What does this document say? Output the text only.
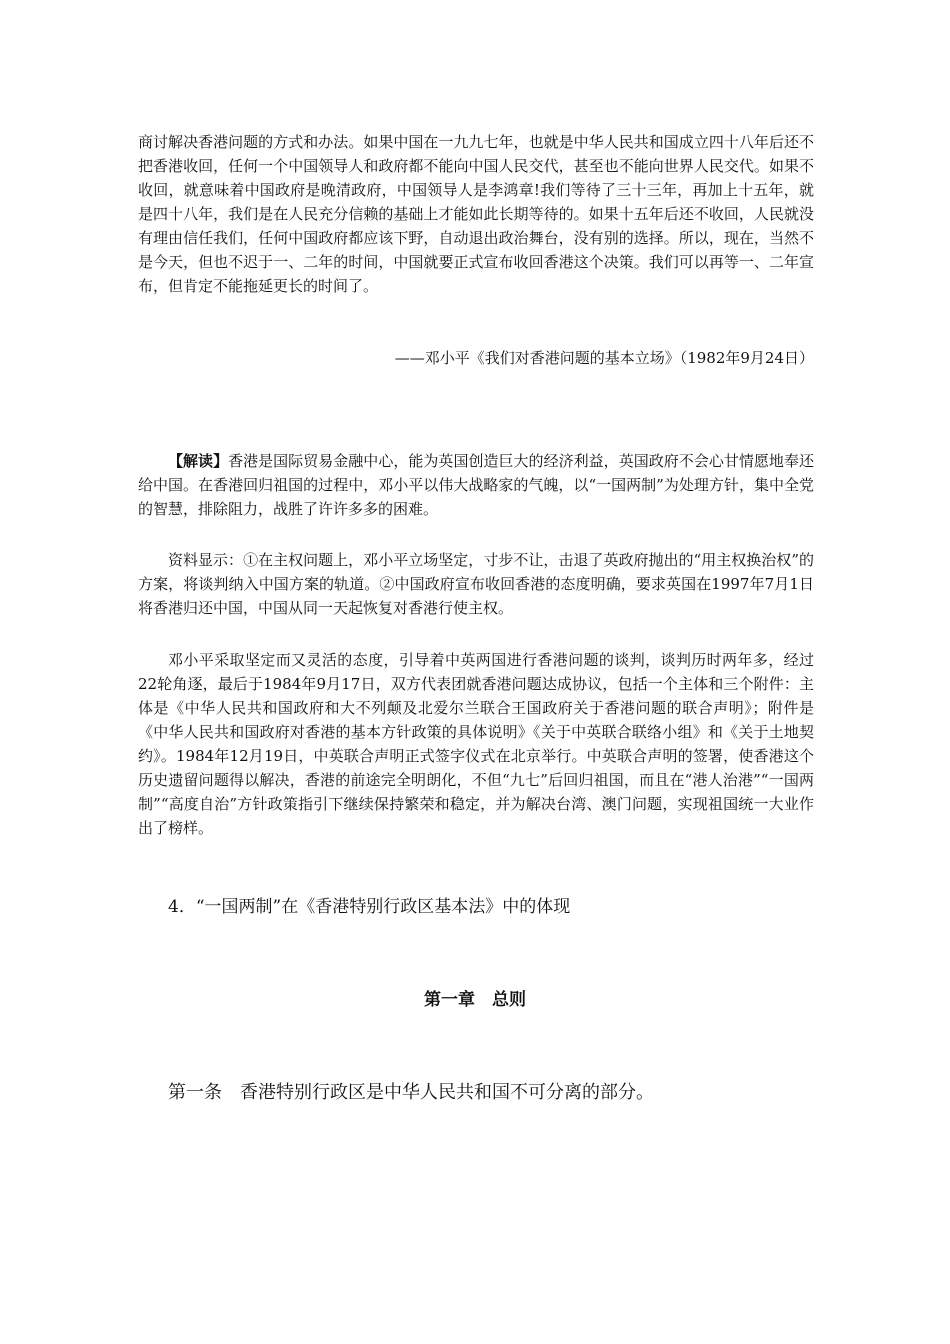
商讨解决香港问题的方式和办法。如果中国在一九九七年，也就是中华人民共和国成立四十八年后还不把香港收回，任何一个中国领导人和政府都不能向中国人民交代，甚至也不能向世界人民交代。如果不收回，就意味着中国政府是晚清政府，中国领导人是李鸿章!我们等待了三十三年，再加上十五年，就是四十八年，我们是在人民充分信赖的基础上才能如此长期等待的。如果十五年后还不收回，人民就没有理由信任我们，任何中国政府都应该下野，自动退出政治舞台，没有别的选择。所以，现在，当然不是今天，但也不迟于一、二年的时间，中国就要正式宣布收回香港这个决策。我们可以再等一、二年宣布，但肯定不能拖延更长的时间了。

——邓小平《我们对香港问题的基本立场》（1982年9月24日）

【解读】香港是国际贸易金融中心，能为英国创造巨大的经济利益，英国政府不会心甘情愿地奉还给中国。在香港回归祖国的过程中，邓小平以伟大战略家的气魄，以“一国两制”为处理方针，集中全党的智慧，排除阻力，战胜了许许多多的困难。

资料显示：①在主权问题上，邓小平立场坚定，寸步不让，击退了英政府抛出的“用主权换治权”的方案，将谈判纳入中国方案的轨道。②中国政府宣布收回香港的态度明确，要求英国在1997年7月1日将香港归还中国，中国从同一天起恢复对香港行使主权。

邓小平采取坚定而又灵活的态度，引导着中英两国进行香港问题的谈判，谈判历时两年多，经过22轮角逐，最后于1984年9月17日，双方代表团就香港问题达成协议，包括一个主体和三个附件：主体是《中华人民共和国政府和大不列颠及北爱尔兰联合王国政府关于香港问题的联合声明》；附件是《中华人民共和国政府对香港的基本方针政策的具体说明》《关于中英联合联络小组》和《关于土地契约》。1984年12月19日，中英联合声明正式签字仪式在北京举行。中英联合声明的签署，使香港这个历史遗留问题得以解决，香港的前途完全明朗化，不但“九七”后回归祖国，而且在“港人治港”“一国两制”“高度自治”方针政策指引下继续保持繁荣和稳定，并为解决台湾、澳门问题，实现祖国统一大业作出了榜样。

4．“一国两制”在《香港特别行政区基本法》中的体现
第一章　总则
第一条　香港特别行政区是中华人民共和国不可分离的部分。
